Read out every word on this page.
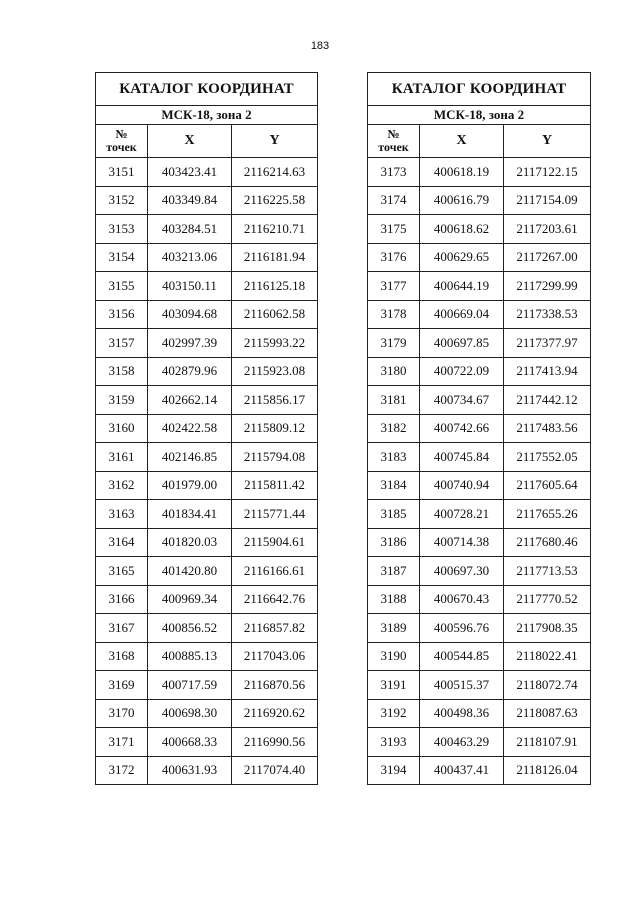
183
КАТАЛОГ КООРДИНАТ		
МСК-18, зона 2		
№
точек	X	Y
3151	403423.41	2116214.63
3152	403349.84	2116225.58
3153	403284.51	2116210.71
3154	403213.06	2116181.94
3155	403150.11	2116125.18
3156	403094.68	2116062.58
3157	402997.39	2115993.22
3158	402879.96	2115923.08
3159	402662.14	2115856.17
3160	402422.58	2115809.12
3161	402146.85	2115794.08
3162	401979.00	2115811.42
3163	401834.41	2115771.44
3164	401820.03	2115904.61
3165	401420.80	2116166.61
3166	400969.34	2116642.76
3167	400856.52	2116857.82
3168	400885.13	2117043.06
3169	400717.59	2116870.56
3170	400698.30	2116920.62
3171	400668.33	2116990.56
3172	400631.93	2117074.40
КАТАЛОГ КООРДИНАТ		
МСК-18, зона 2		
№
точек	X	Y
3173	400618.19	2117122.15
3174	400616.79	2117154.09
3175	400618.62	2117203.61
3176	400629.65	2117267.00
3177	400644.19	2117299.99
3178	400669.04	2117338.53
3179	400697.85	2117377.97
3180	400722.09	2117413.94
3181	400734.67	2117442.12
3182	400742.66	2117483.56
3183	400745.84	2117552.05
3184	400740.94	2117605.64
3185	400728.21	2117655.26
3186	400714.38	2117680.46
3187	400697.30	2117713.53
3188	400670.43	2117770.52
3189	400596.76	2117908.35
3190	400544.85	2118022.41
3191	400515.37	2118072.74
3192	400498.36	2118087.63
3193	400463.29	2118107.91
3194	400437.41	2118126.04
